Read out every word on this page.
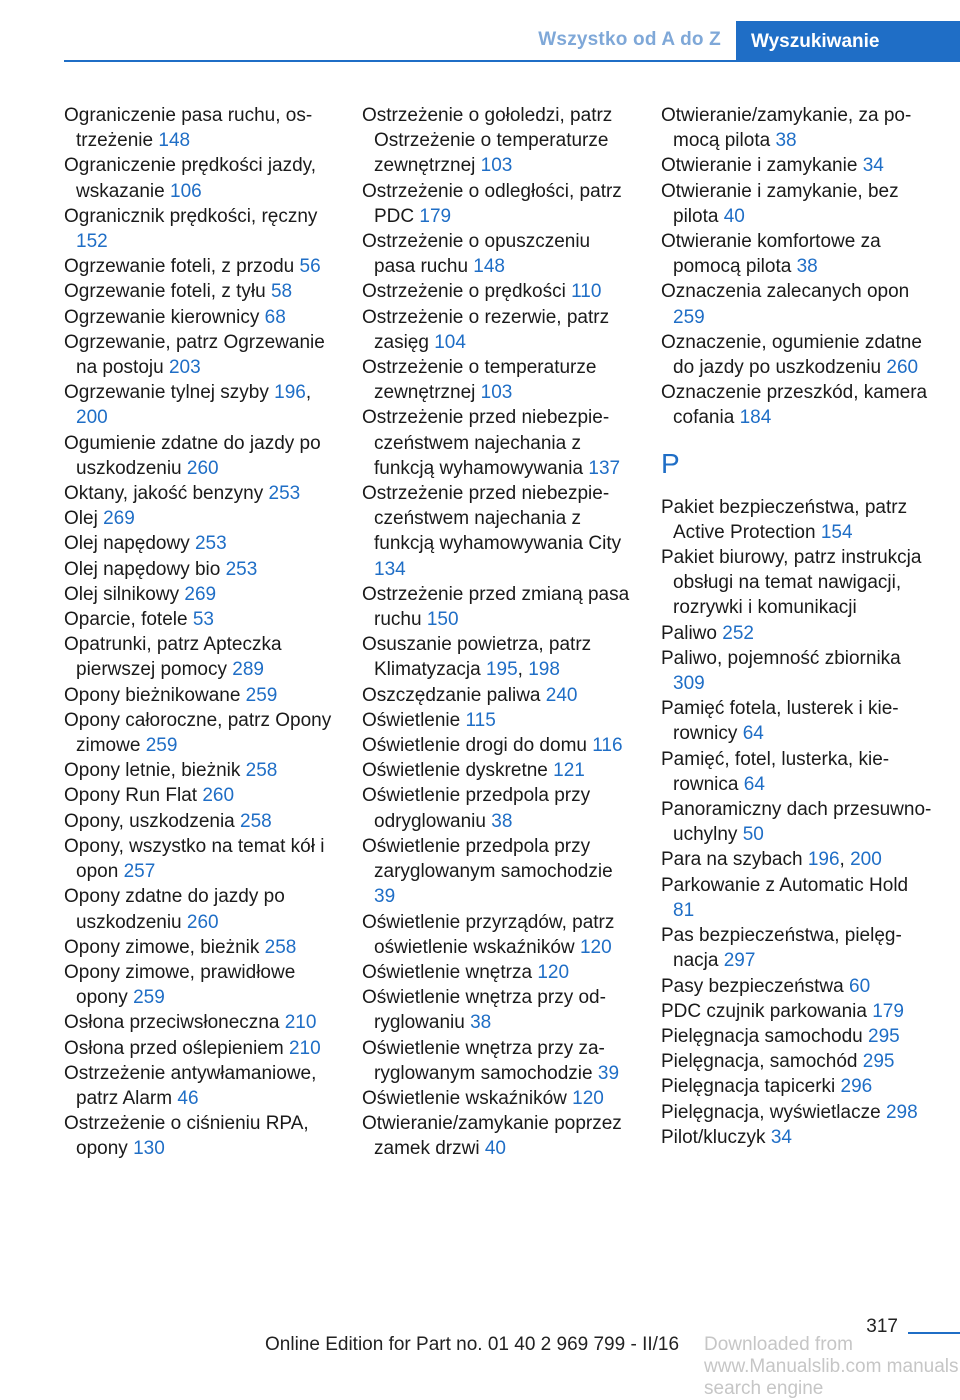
Wszystko od A do Z	Wyszukiwanie
Ograniczenie pasa ruchu, ostrzeżenie 148
Ograniczenie prędkości jazdy, wskazanie 106
Ogranicznik prędkości, ręczny 152
Ogrzewanie foteli, z przodu 56
Ogrzewanie foteli, z tyłu 58
Ogrzewanie kierownicy 68
Ogrzewanie, patrz Ogrzewanie na postoju 203
Ogrzewanie tylnej szyby 196, 200
Ogumienie zdatne do jazdy po uszkodzeniu 260
Oktany, jakość benzyny 253
Olej 269
Olej napędowy 253
Olej napędowy bio 253
Olej silnikowy 269
Oparcie, fotele 53
Opatrunki, patrz Apteczka pierwszej pomocy 289
Opony bieżnikowane 259
Opony całoroczne, patrz Opony zimowe 259
Opony letnie, bieżnik 258
Opony Run Flat 260
Opony, uszkodzenia 258
Opony, wszystko na temat kół i opon 257
Opony zdatne do jazdy po uszkodzeniu 260
Opony zimowe, bieżnik 258
Opony zimowe, prawidłowe opony 259
Osłona przeciwsłoneczna 210
Osłona przed oślepieniem 210
Ostrzeżenie antywłamaniowe, patrz Alarm 46
Ostrzeżenie o ciśnieniu RPA, opony 130
Ostrzeżenie o gołoledzi, patrz Ostrzeżenie o temperaturze zewnętrznej 103
Ostrzeżenie o odległości, patrz PDC 179
Ostrzeżenie o opuszczeniu pasa ruchu 148
Ostrzeżenie o prędkości 110
Ostrzeżenie o rezerwie, patrz zasięg 104
Ostrzeżenie o temperaturze zewnętrznej 103
Ostrzeżenie przed niebezpieczeństwem najechania z funkcją wyhamowywania 137
Ostrzeżenie przed niebezpieczeństwem najechania z funkcją wyhamowywania City 134
Ostrzeżenie przed zmianą pasa ruchu 150
Osuszanie powietrza, patrz Klimatyzacja 195, 198
Oszczędzanie paliwa 240
Oświetlenie 115
Oświetlenie drogi do domu 116
Oświetlenie dyskretne 121
Oświetlenie przedpola przy odryglowaniu 38
Oświetlenie przedpola przy zaryglowanym samochodzie 39
Oświetlenie przyrządów, patrz oświetlenie wskaźników 120
Oświetlenie wnętrza 120
Oświetlenie wnętrza przy odryglowaniu 38
Oświetlenie wnętrza przy zaryglowanym samochodzie 39
Oświetlenie wskaźników 120
Otwieranie/zamykanie poprzez zamek drzwi 40
Otwieranie/zamykanie, za pomocą pilota 38
Otwieranie i zamykanie 34
Otwieranie i zamykanie, bez pilota 40
Otwieranie komfortowe za pomocą pilota 38
Oznaczenia zalecanych opon 259
Oznaczenie, ogumienie zdatne do jazdy po uszkodzeniu 260
Oznaczenie przeszkód, kamera cofania 184
P
Pakiet bezpieczeństwa, patrz Active Protection 154
Pakiet biurowy, patrz instrukcja obsługi na temat nawigacji, rozrywki i komunikacji
Paliwo 252
Paliwo, pojemność zbiornika 309
Pamięć fotela, lusterek i kierownicy 64
Pamięć, fotel, lusterka, kierownica 64
Panoramiczny dach przesuwno-uchylny 50
Para na szybach 196, 200
Parkowanie z Automatic Hold 81
Pas bezpieczeństwa, pielęgnacja 297
Pasy bezpieczeństwa 60
PDC czujnik parkowania 179
Pielęgnacja samochodu 295
Pielęgnacja, samochód 295
Pielęgnacja tapicerki 296
Pielęgnacja, wyświetlacze 298
Pilot/kluczyk 34
317
Online Edition for Part no. 01 40 2 969 799 - II/16 Downloaded from www.Manualslib.com manuals search engine
